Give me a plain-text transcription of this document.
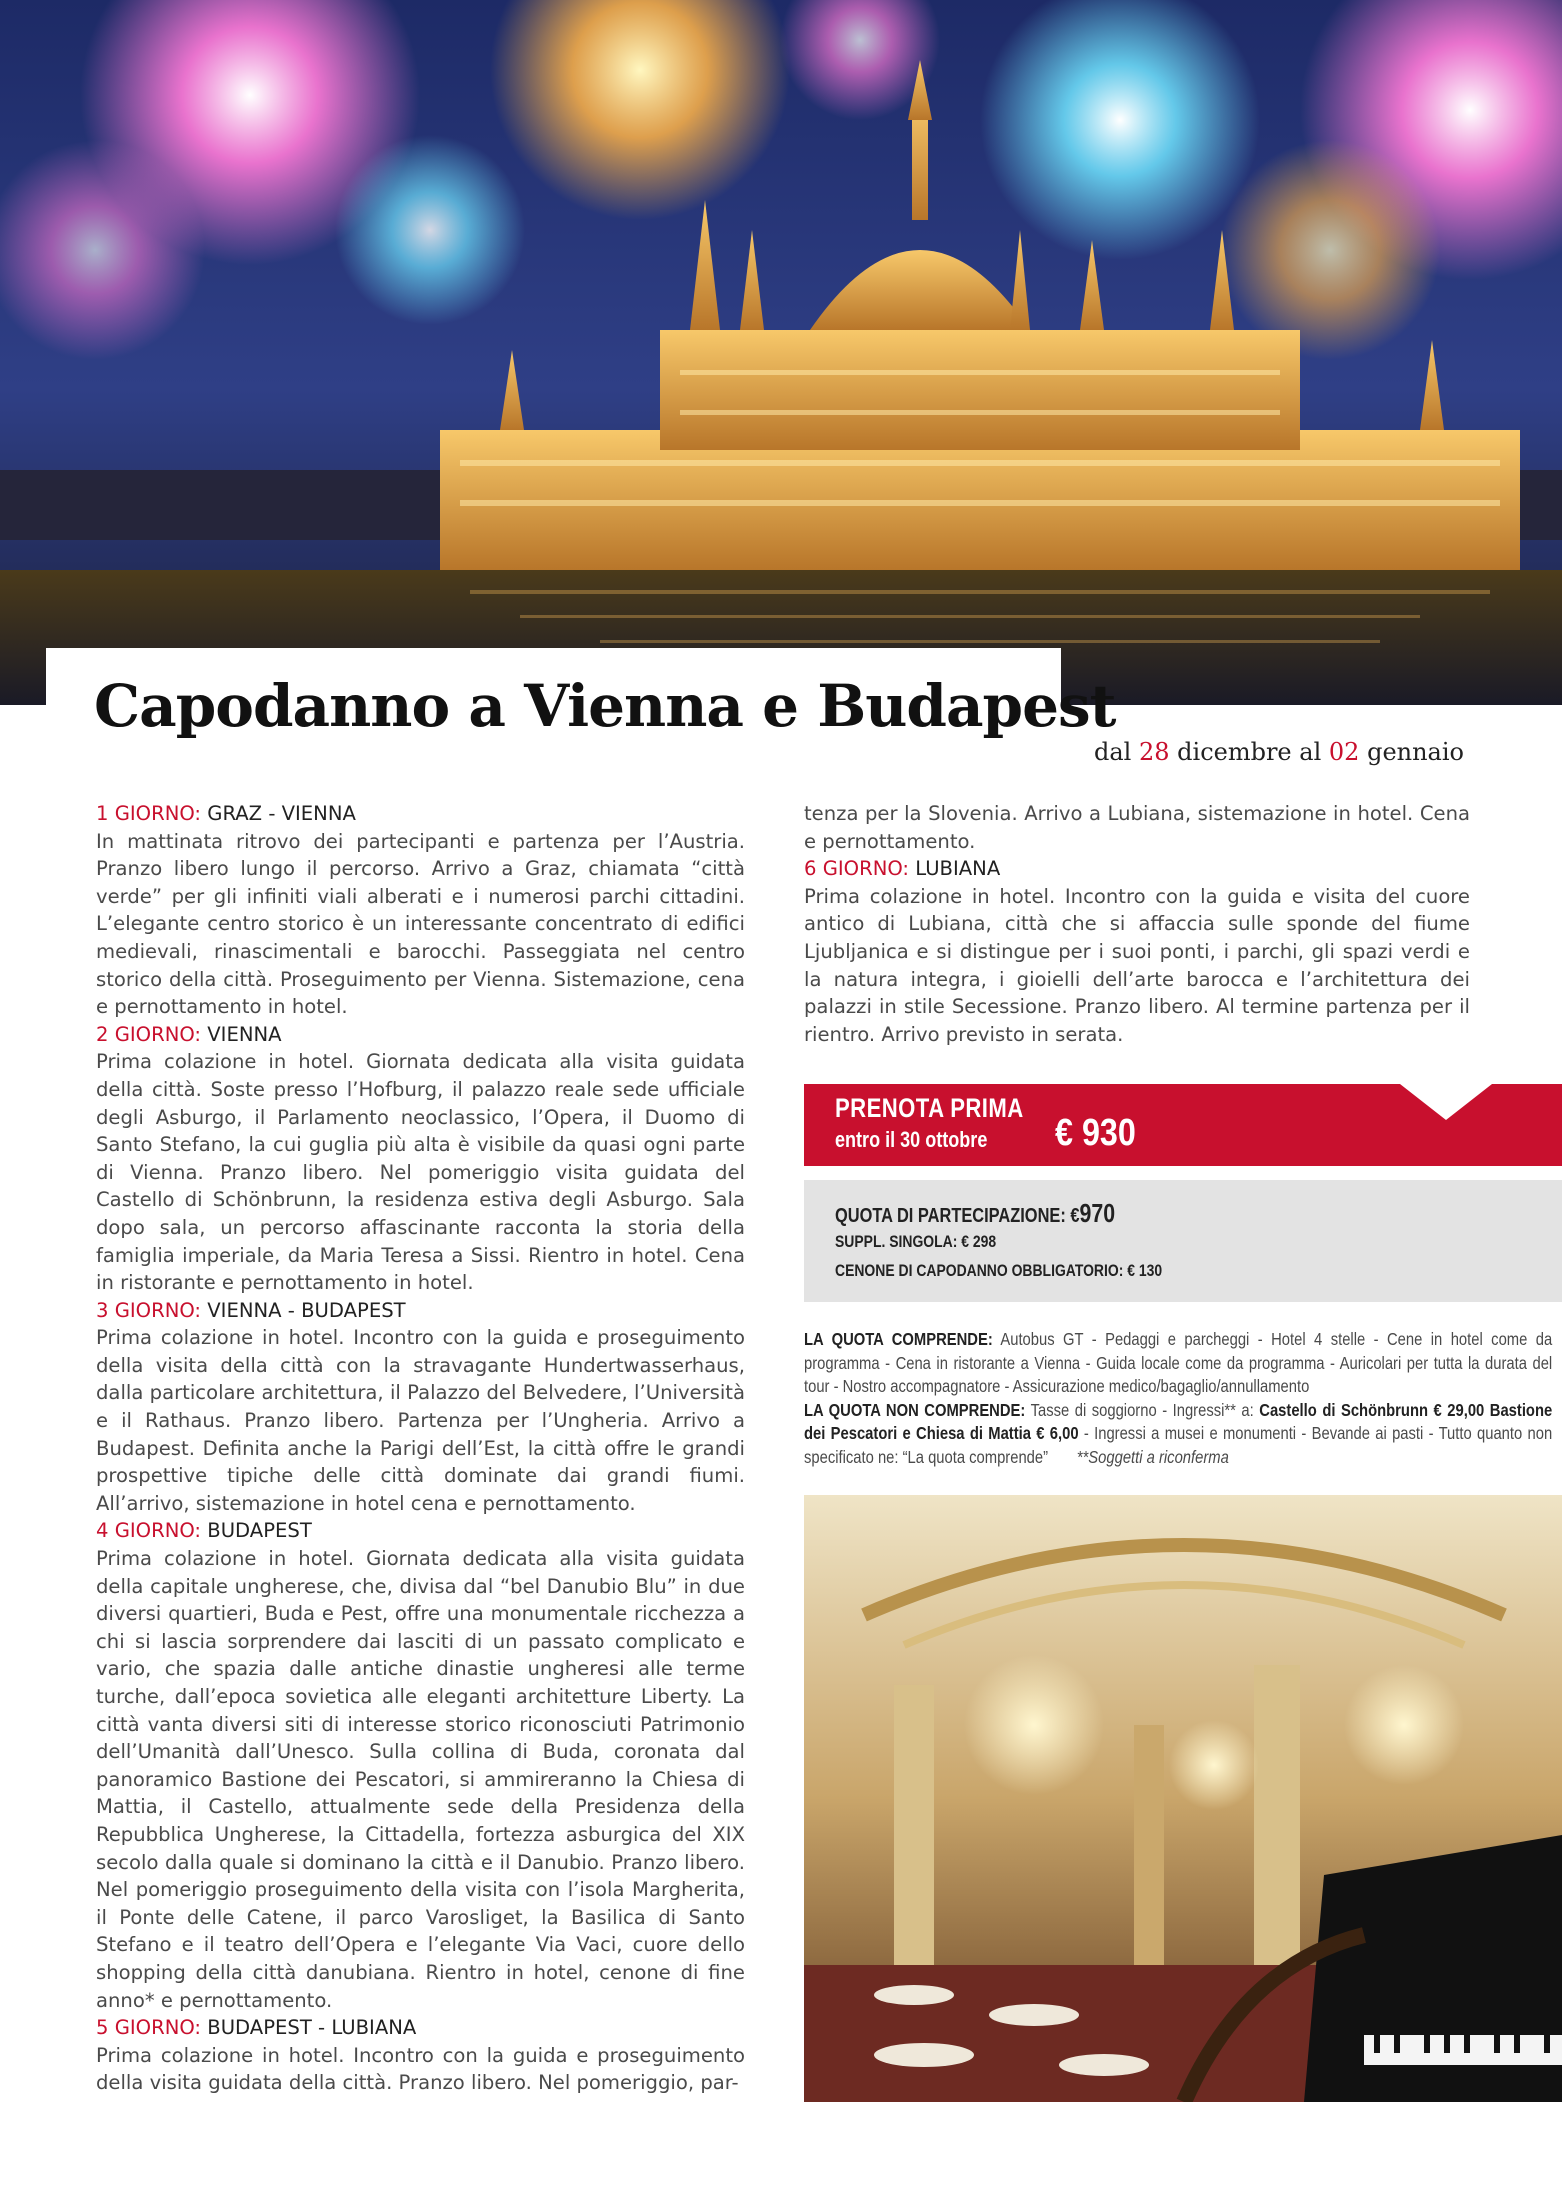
Capodanno a Vienna e Budapest
dal 28 dicembre al 02 gennaio
1 GIORNO: GRAZ - VIENNA

In mattinata ritrovo dei partecipanti e partenza per l’Austria. Pranzo libero lungo il percorso. Arrivo a Graz, chiamata “città verde” per gli infiniti viali alberati e i numerosi parchi cittadini. L’elegante centro storico è un interessante concentrato di edifici medievali, rinascimentali e barocchi. Passeggiata nel centro storico della città. Proseguimento per Vienna. Sistemazione, cena e pernottamento in hotel.

2 GIORNO: VIENNA

Prima colazione in hotel. Giornata dedicata alla visita guidata della città. Soste presso l’Hofburg, il palazzo reale sede ufficiale degli Asburgo, il Parlamento neoclassico, l’Opera, il Duomo di Santo Stefano, la cui guglia più alta è visibile da quasi ogni parte di Vienna. Pranzo libero. Nel pomeriggio visita guidata del Castello di Schönbrunn, la residenza estiva degli Asburgo. Sala dopo sala, un percorso affascinante racconta la storia della famiglia imperiale, da Maria Teresa a Sissi. Rientro in hotel. Cena in ristorante e pernottamento in hotel.

3 GIORNO: VIENNA - BUDAPEST

Prima colazione in hotel. Incontro con la guida e proseguimento della visita della città con la stravagante Hundertwasserhaus, dalla particolare architettura, il Palazzo del Belvedere, l’Università e il Rathaus. Pranzo libero. Partenza per l’Ungheria. Arrivo a Budapest. Definita anche la Parigi dell’Est, la città offre le grandi prospettive tipiche delle città dominate dai grandi fiumi. All’arrivo, sistemazione in hotel cena e pernottamento.

4 GIORNO: BUDAPEST

Prima colazione in hotel. Giornata dedicata alla visita guidata della capitale ungherese, che, divisa dal “bel Danubio Blu” in due diversi quartieri, Buda e Pest, offre una monumentale ricchezza a chi si lascia sorprendere dai lasciti di un passato complicato e vario, che spazia dalle antiche dinastie ungheresi alle terme turche, dall’epoca sovietica alle eleganti architetture Liberty. La città vanta diversi siti di interesse storico riconosciuti Patrimonio dell’Umanità dall’Unesco. Sulla collina di Buda, coronata dal panoramico Bastione dei Pescatori, si ammireranno la Chiesa di Mattia, il Castello, attualmente sede della Presidenza della Repubblica Ungherese, la Cittadella, fortezza asburgica del XIX secolo dalla quale si dominano la città e il Danubio. Pranzo libero. Nel pomeriggio proseguimento della visita con l’isola Margherita, il Ponte delle Catene, il parco Varosliget, la Basilica di Santo Stefano e il teatro dell’Opera e l’elegante Via Vaci, cuore dello shopping della città danubiana. Rientro in hotel, cenone di fine anno* e pernottamento.

5 GIORNO: BUDAPEST - LUBIANA

Prima colazione in hotel. Incontro con la guida e proseguimento della visita guidata della città. Pranzo libero. Nel pomeriggio, par-

tenza per la Slovenia. Arrivo a Lubiana, sistemazione in hotel. Cena e pernottamento.

6 GIORNO: LUBIANA

Prima colazione in hotel. Incontro con la guida e visita del cuore antico di Lubiana, città che si affaccia sulle sponde del fiume Ljubljanica e si distingue per i suoi ponti, i parchi, gli spazi verdi e la natura integra, i gioielli dell’arte barocca e l’architettura dei palazzi in stile Secessione. Pranzo libero. Al termine partenza per il rientro. Arrivo previsto in serata.

PRENOTA PRIMA
entro il 30 ottobre € 930
QUOTA DI PARTECIPAZIONE: €970
SUPPL. SINGOLA: € 298
CENONE DI CAPODANNO OBBLIGATORIO: € 130

LA QUOTA COMPRENDE: Autobus GT - Pedaggi e parcheggi - Hotel 4 stelle - Cene in hotel come da programma - Cena in ristorante a Vienna - Guida locale come da programma - Auricolari per tutta la durata del tour - Nostro accompagnatore - Assicurazione medico/bagaglio/annullamento

LA QUOTA NON COMPRENDE: Tasse di soggiorno - Ingressi** a: Castello di Schönbrunn € 29,00 Bastione dei Pescatori e Chiesa di Mattia € 6,00 - Ingressi a musei e monumenti - Bevande ai pasti - Tutto quanto non specificato ne: “La quota comprende” **Soggetti a riconferma
